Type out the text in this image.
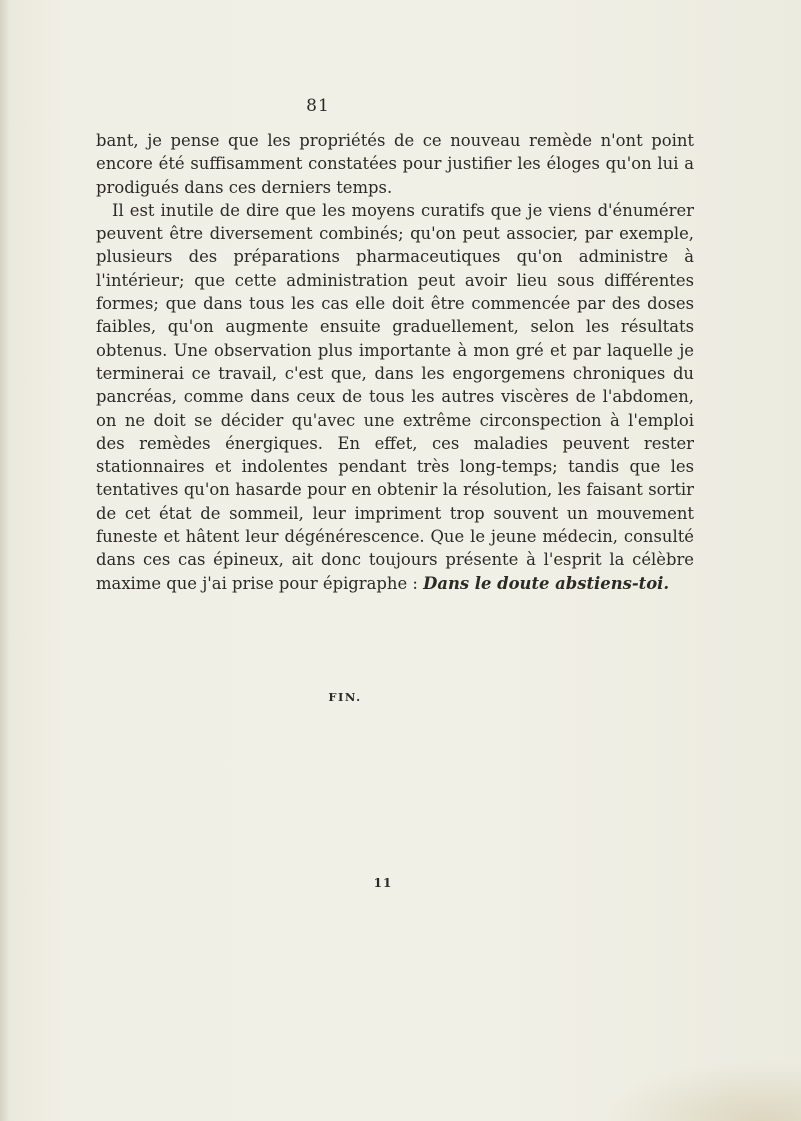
81

bant, je pense que les propriétés de ce nouveau remède n'ont point encore été suffisamment constatées pour justifier les éloges qu'on lui a prodigués dans ces derniers temps.

Il est inutile de dire que les moyens curatifs que je viens d'énumérer peuvent être diversement combinés; qu'on peut associer, par exemple, plusieurs des préparations pharmaceutiques qu'on administre à l'intérieur; que cette administration peut avoir lieu sous différentes formes; que dans tous les cas elle doit être commencée par des doses faibles, qu'on augmente ensuite graduellement, selon les résultats obtenus. Une observation plus importante à mon gré et par laquelle je terminerai ce travail, c'est que, dans les engorgemens chroniques du pancréas, comme dans ceux de tous les autres viscères de l'abdomen, on ne doit se décider qu'avec une extrême circonspection à l'emploi des remèdes énergiques. En effet, ces maladies peuvent rester stationnaires et indolentes pendant très long-temps; tandis que les tentatives qu'on hasarde pour en obtenir la résolution, les faisant sortir de cet état de sommeil, leur impriment trop souvent un mouvement funeste et hâtent leur dégénérescence. Que le jeune médecin, consulté dans ces cas épineux, ait donc toujours présente à l'esprit la célèbre maxime que j'ai prise pour épigraphe : Dans le doute abstiens-toi.

FIN.
11
